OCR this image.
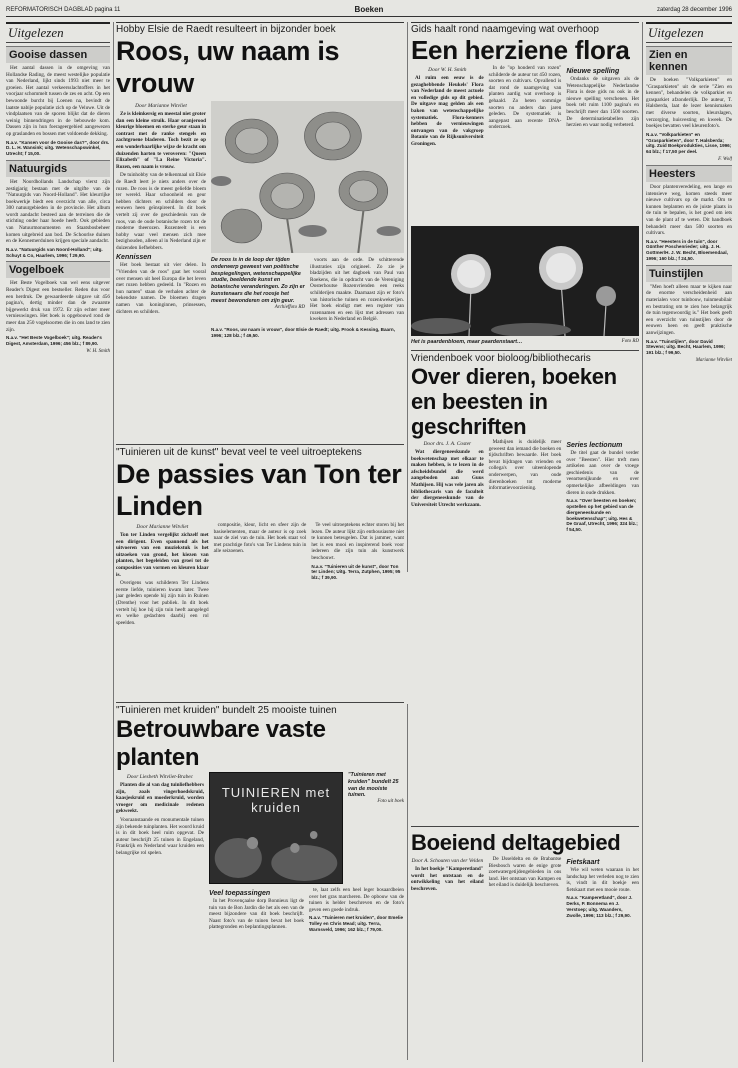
REFORMATORISCH DAGBLAD pagina 11	Boeken	zaterdag 28 december 1996
Uitgelezen
Gooise dassen

Het aantal dassen in de omgeving van Hollandse Rading, de meest westelijke populatie van Nederland, lijkt sinds 1993 niet meer te groeien. Het aantal verkeersslachtoffers in het voorjaar schommelt tussen de zes en acht. Op een bewoonde burcht bij Loenen na, bevindt de laatste nabije populatie zich op de Veluwe. Uit de vindplaatsen van de sporen blijkt dat de dieren weinig binnendringen in de bebouwde kom. Dassen zijn in hun foerageergebied aangewezen op graslanden en bossen met voldoende dekking.

N.a.v. "Kansen voor de Gooise das?", door drs. D. L. H. Wansink; uitg. Wetenschapswinkel, Utrecht; f 15,00.
Natuurgids

Het Noordhollands Landschap vierst zijn zestigjarig bestaan met de uitgifte van de "Natuurgids van Noord-Holland". Het kleurrijke boekwerkje biedt een overzicht van alle, circa 300 natuurgebieden in de provincie. Het album wordt aandacht besteed aan de terreinen die de stichting onder haar hoede heeft. Ook gebieden van Natuurmonumenten en Staatsbosbeheer komen uitgebreid aan bod. De Schoorlse duinen en de Kennemerduinen krijgen speciale aandacht.

N.a.v. "Natuurgids van Noord-Holland"; uitg. Schuyt & Co, Haarlem, 1996; f 29,90.
Vogelboek

Het Beste Vogelboek van wel eens uitgever Reader's Digest een bestseller. Reden dus voor een herdruk. De gewaardeerde uitgave uit 456 pagina's, dertig minder dan de zwaarste bijgewerkt druk van 1972. Er zijn echter meer vernieuwingen. Het boek is opgebouwd rond de meer dan 250 vogelsoorten die in ons land te zien zijn.

N.a.v. "Het Beste Vogelboek"; uitg. Reader's Digest, Amsterdam, 1996; 456 blz.; f 89,90.
W. H. Smith
Hobby Elsie de Raedt resulteert in bijzonder boek
Roos, uw naam is vrouw
Door Marianne Witvliet

Ze is kleinkersig en meestal niet groter dan een kleine struik. Haar oranjerood kleurige bloemen en sterke geur staan in contrast met de ranke stengels en zachtgroene bladeren. Toch bezit ze op een wonderbaarlijke wijze de kracht om duizenden harten te veroveren: "Queen Elizabeth" of "La Reine Victoria". Rozen, een naam is vrouw.

De tuinhobby van de telkenmaal uit Elsie de Raedt leert je niets anders over de rozen. De roos is de meest geliefde bloem ter wereld. Haar schoonheid en geur hebben dichters en schilders door de eeuwen heen geïnspireerd. In dit boek vertelt zij over de geschiedenis van de roos, van de oude botanische rozen tot de moderne theerozen. Rozenteelt is een hobby waar veel mensen zich mee bezighouden, alleen al in Nederland zijn er duizenden liefhebbers.

Kennissen

Het boek bestaat uit vier delen. In "Vrienden van de roos" gaat het vooral over mensen uit heel Europa die het leven met rozen hebben gedeeld. In "Rozen en hun namen" staan de verhalen achter de bekendste namen. De bloemen dragen namen van koninginnen, prinsessen, dichters en schilders.

De roos is in de loop der tijden onderwerp geweest van poëtische bespiegelingen, wetenschappelijke studie, beeldende kunst en botanische veranderingen. Zo zijn er kunstenaars die het roosje het meest bewonderen om zijn geur.
Archieffoto RD

voorts aan de orde. De schitterende illustraties zijn origineel. Zo zie je bladzijden uit het dagboek van Paul van Roekens, die in opdracht van de Vereniging Oosterhoutse Rozenvrienden een reeks schilderijen maakte. Daarnaast zijn er foto's van historische tuinen en rozenkwekerijen. Het boek eindigt met een register van rozennamen en een lijst met adressen van kwekers in Nederland en België.

N.a.v. "Roos, uw naam is vrouw", door Elsie de Raedt; uitg. Prook & Kessing, Baarn, 1996; 128 blz.; f 49,50.
Gids haalt rond naamgeving wat overhoop
Een herziene flora
Door W. H. Smith

Al ruim een eeuw is de gezaghebbende Heukels' Flora van Nederland de meest actuele en volledige gids op dit gebied. De uitgave mag gelden als een baken van wetenschappelijke systematiek. Flora-kenners hebben de vernieuwingen ontvangen van de vakgroep Botanie van de Rijksuniversiteit Groningen.

In de "op honderd van rozen" schilderde de auteur tot 450 rozen, soorten en cultivars. Opvallend is dat rond de naamgeving van planten aardig wat overhoop is gehaald. Zo heten sommige soorten nu anders dan jaren geleden. De systematiek is aangepast aan recente DNA-onderzoek.

Nieuwe spelling

Ondanks de uitgaven als de Wetenschappelijke Nederlandse Flora is deze gids nu ook in de nieuwe spelling verschenen. Het boek telt ruim 1100 pagina's en beschrijft meer dan 1500 soorten. De determinatietabellen zijn herzien en waar nodig verbeterd.

Het is paardenbloem, maar paardenstaart…	Foto RD
"Tuinieren uit de kunst" bevat veel te veel uitroeptekens
De passies van Ton ter Linden
Door Marianne Witvliet

Ton ter Linden vergelijkt zichzelf met een dirigent. Even spannend als het uitvoeren van een muziekstuk is het uitzoeken van grond, het kiezen van planten, het begeleiden van groei tot de composities van vormen en kleuren klaar is.

Overigens was schilderen Ter Lindens eerste liefde, tuinieren kwam later. Twee jaar geleden opende hij zijn tuin in Ruinen (Drenthe) voor het publiek. In dit boek vertelt hij hoe hij zijn tuin heeft aangelegd en welke gedachten daarbij een rol speelden.

compositie, kleur, licht en sfeer zijn de basiselementen, maar de auteur is op zoek naar de ziel van de tuin. Het boek staat vol met prachtige foto's van Ter Lindens tuin in alle seizoenen.

Te veel uitroeptekens echter storen bij het lezen. De auteur lijkt zijn enthousiasme niet te kunnen beteugelen. Dat is jammer, want het is een mooi en inspirerend boek voor iedereen die zijn tuin als kunstwerk beschouwt.

N.a.v. "Tuinieren uit de kunst", door Ton ter Linden; Uitg. Terra, Zutphen, 1995; 95 blz.; f 39,90.
Vriendenboek voor bioloog/bibliothecaris
Over dieren, boeken en beesten in geschriften
Door drs. J. A. Coster

Wat diergeneeskunde en boekwetenschap met elkaar te maken hebben, is te lezen in de afscheidsbundel die werd aangeboden aan Guus Mathijsen. Hij was vele jaren als bibliothecaris van de faculteit der diergeneeskunde van de Universiteit Utrecht werkzaam.

Mathijsen is duidelijk meer geweest dan iemand die boeken en tijdschriften bewaarde. Het boek bevat bijdragen van vrienden en collega's over uiteenlopende onderwerpen, van oude dierenboeken tot moderne informatievoorziening.

Series lectionum

De titel gaat de bundel verder over "Beesten". Hier treft men artikelen aan over de vroege geschiedenis van de veeartsenijkunde en over opmerkelijke afbeeldingen van dieren in oude drukken.

N.a.v. "Over beesten en boeken; opstellen op het gebied van de diergeneeskunde en boekwetenschap"; uitg. Hes & De Graaf, Utrecht, 1996; 324 blz.; f 54,50.
"Tuinieren met kruiden" bundelt 25 mooiste tuinen
Betrouwbare vaste planten
Door Liesbeth Witvliet-Brabec

Planten die al van dag tuinliefhebbers zijn, zoals vingerhoedskruid, kaasjeskruid en moederkruid, worden vroeger om medicinale redenen gekweekt.

Vooraanstaande en monumentale tuinen zijn bekende tuinplanten. Het woord kruid is in dit boek heel ruim opgevat. De auteur beschrijft 25 tuinen in Engeland, Frankrijk en Nederland waar kruiden een belangrijke rol spelen.

TUINIEREN met kruiden
"Tuinieren met kruiden" bundelt 25 van de mooiste tuinen.
Foto uit boek
Veel toepassingen

In het Provençaalse dorp Bonnieux ligt de tuin van de Bon Jardin die het als een van de meest bijzondere van dit boek beschrijft. Naast foto's van de tuinen bevat het boek plattegronden en beplantingsplannen.

te, laat zelfs een heel leger bosaardbeien over het gras marcheren. De opbouw van de tuinen is helder beschreven en de foto's geven een goede indruk.

N.a.v. "Tuinieren met kruiden", door Emelie Tolley en Chris Mead; uitg. Terra, Warnsveld, 1996; 162 blz.; f 79,00.
Boeiend deltagebied
Door A. Schouten van der Velden

In het boekje "Kamperetland" wordt het ontstaan en de ontwikkeling van het eiland beschreven.

De IJsseldelta en de Brabantse Biesbosch waren de enige grote zoetwatergetijdengebieden in ons land. Het ontstaan van Kampen en het eiland is duidelijk beschreven.

Fietskaart

Wie wil weten waaraan in het landschap het verleden nog te zien is, vindt in dit boekje een fietskaart met een mooie route.

N.a.v. "Kamperetland", door J. Derks, P. Bonnema en J. Verstoep; uitg. Waanders, Zwolle, 1996; 113 blz.; f 29,90.
Uitgelezen
Zien en kennen

De boeken "Volkparkieten" en "Grasparkieten" uit de serie "Zien en kennen", behandelen de volkparkiet en grasparkiet afzonderlijk. De auteur, T. Halsberda, laat de lezer kennismaken met diverse soorten, kleurslagen, verzorging, huisvesting en kweek. De boekjes bevatten veel kleurenfoto's.

N.a.v. "Volkparkieten" en "Grasparkieten", door T. Halsberda; uitg. Zuid Boekprodukties, Lisse, 1996; 64 blz.; f 17,50 per deel.
F. Wolf
Heesters

Door plantenveredeling, een lange en intensieve weg, komen steeds meer nieuwe cultivars op de markt. Om te kunnen beplanten en de juiste plaats in de tuin te bepalen, is het goed om iets van de plant af te weten. Dit handboek behandelt meer dan 500 soorten en cultivars.

N.a.v. "Heesters in de tuin", door Günther Poschenrieder; uitg. J. H. Gottmer/H. J. W. Becht, Bloemendaal, 1996; 160 blz.; f 24,50.
Tuinstijlen

"Men hoeft alleen maar te kijken naar de enorme verscheidenheid aan materialen voor tuinbouw, tuinmeubilair en bestrating om te zien hoe belangrijk de tuin tegenwoordig is." Het boek geeft een overzicht van tuinstijlen door de eeuwen heen en geeft praktische aanwijzingen.

N.a.v. "Tuinstijlen", door David Stevens; uitg. Becht, Haarlem, 1996; 191 blz.; f 99,50.
Marianne Witvliet
